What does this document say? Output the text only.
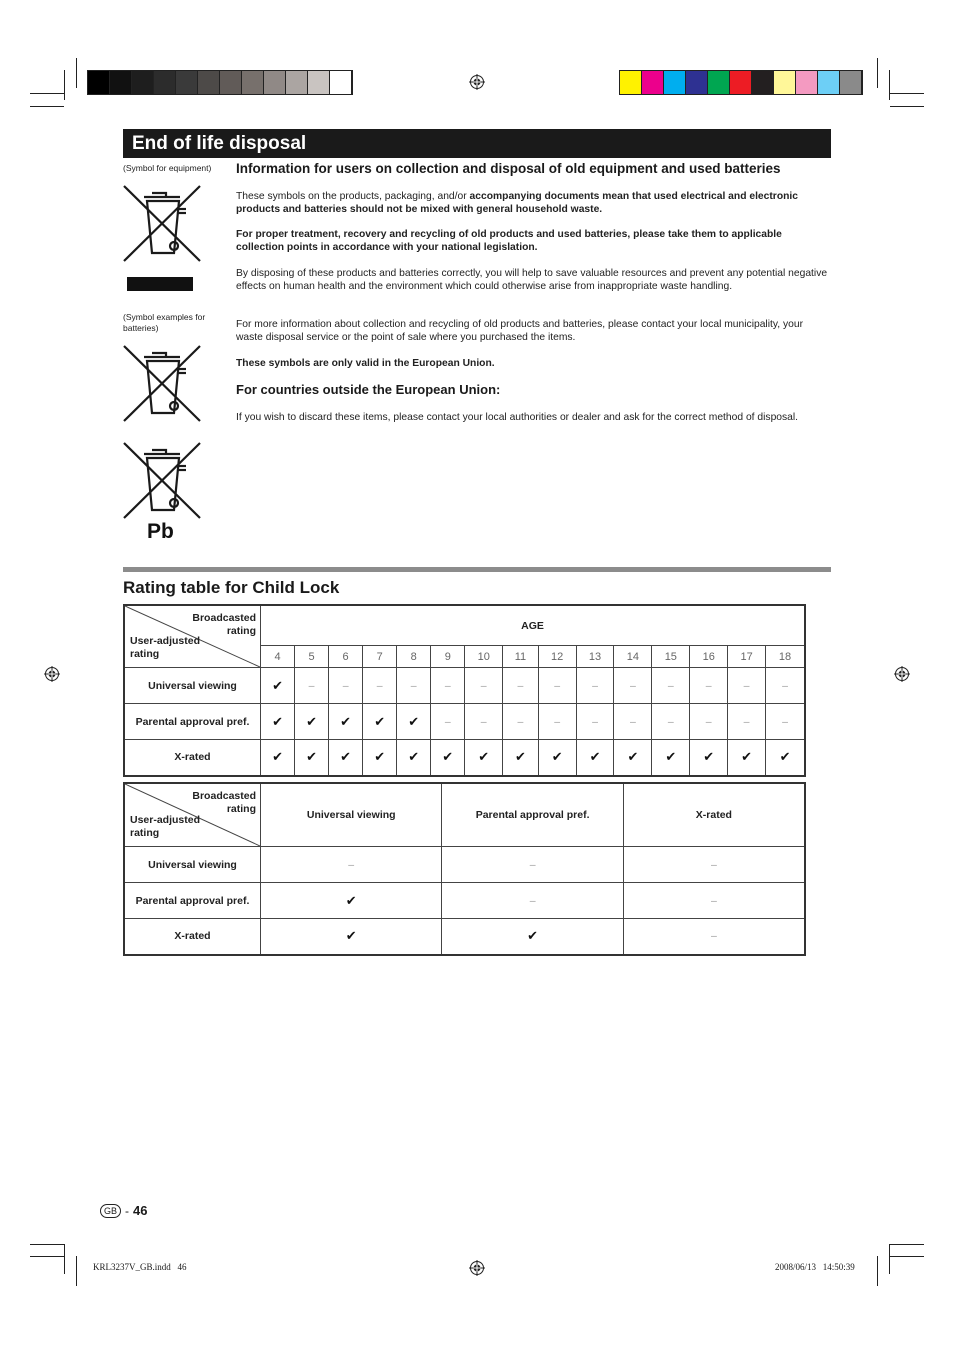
End of life disposal
(Symbol for equipment)
(Symbol examples for batteries)
Pb
Information for users on collection and disposal of old equipment and used batteries
These symbols on the products, packaging, and/or accompanying documents mean that used electrical and electronic products and batteries should not be mixed with general household waste.
For proper treatment, recovery and recycling of old products and used batteries, please take them to applicable collection points in accordance with your national legislation.
By disposing of these products and batteries correctly, you will help to save valuable resources and prevent any potential negative effects on human health and the environment which could otherwise arise from inappropriate waste handling.
For more information about collection and recycling of old products and batteries, please contact your local municipality, your waste disposal service or the point of sale where you purchased the items.
These symbols are only valid in the European Union.
For countries outside the European Union:
If you wish to discard these items, please contact your local authorities or dealer and ask for the correct method of disposal.
Rating table for Child Lock
Broadcasted rating
User-adjusted rating	AGE														
	4	5	6	7	8	9	10	11	12	13	14	15	16	17	18
Universal viewing	✔	–	–	–	–	–	–	–	–	–	–	–	–	–	–
Parental approval pref.	✔	✔	✔	✔	✔	–	–	–	–	–	–	–	–	–	–
X-rated	✔	✔	✔	✔	✔	✔	✔	✔	✔	✔	✔	✔	✔	✔	✔
Broadcasted rating
User-adjusted rating	Universal viewing	Parental approval pref.	X-rated
Universal viewing	–	–	–
Parental approval pref.	✔	–	–
X-rated	✔	✔	–
GB - 46
KRL3237V_GB.indd   46	2008/06/13   14:50:39
